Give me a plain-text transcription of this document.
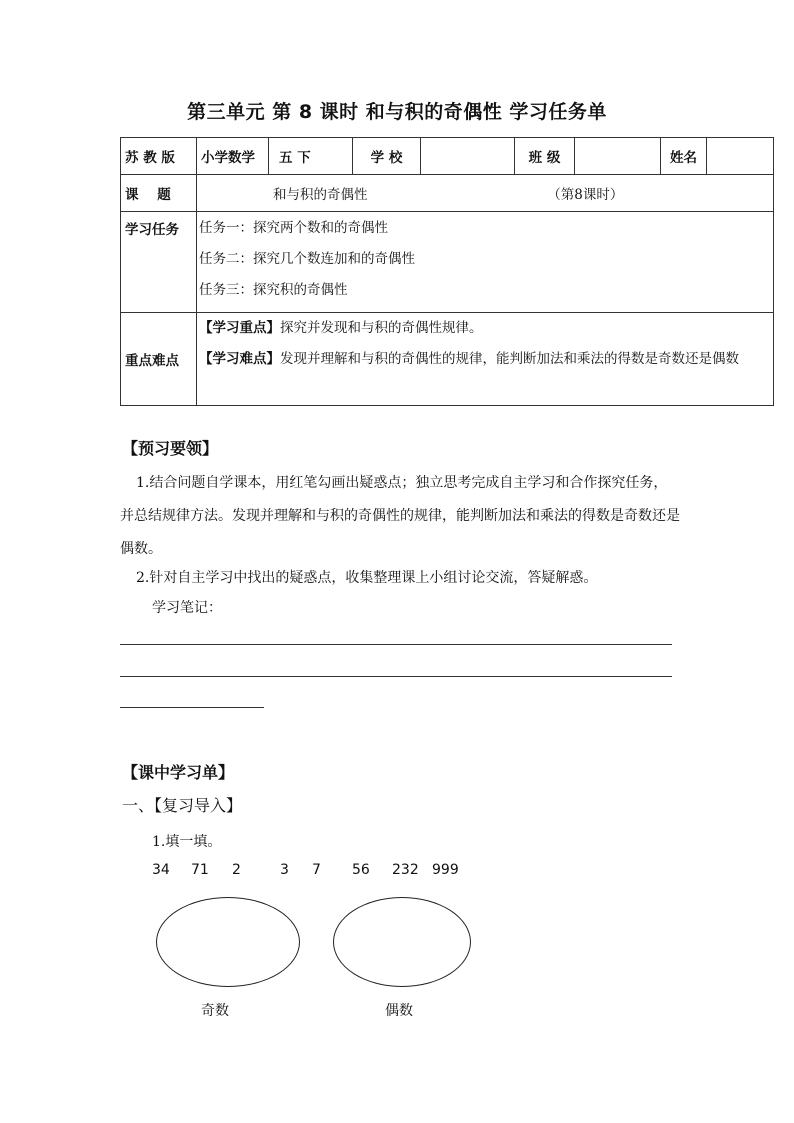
第三单元 第 8 课时 和与积的奇偶性 学习任务单
苏 教 版	小学数学	五 下	学 校		班 级		姓名	
课    题	和与积的奇偶性 （第8课时）							
学习任务	任务一：探究两个数和的奇偶性
任务二：探究几个数连加和的奇偶性
任务三：探究积的奇偶性							

重点难点	【学习重点】探究并发现和与积的奇偶性规律。
【学习难点】发现并理解和与积的奇偶性的规律，能判断加法和乘法的得数是奇数还是偶数							
【预习要领】
1.结合问题自学课本，用红笔勾画出疑惑点；独立思考完成自主学习和合作探究任务，并总结规律方法。发现并理解和与积的奇偶性的规律，能判断加法和乘法的得数是奇数还是偶数。
2.针对自主学习中找出的疑惑点，收集整理课上小组讨论交流，答疑解惑。
学习笔记：
【课中学习单】
一、【复习导入】
1.填一填。
34 71 2	3 7 56 232 999
奇数	偶数
